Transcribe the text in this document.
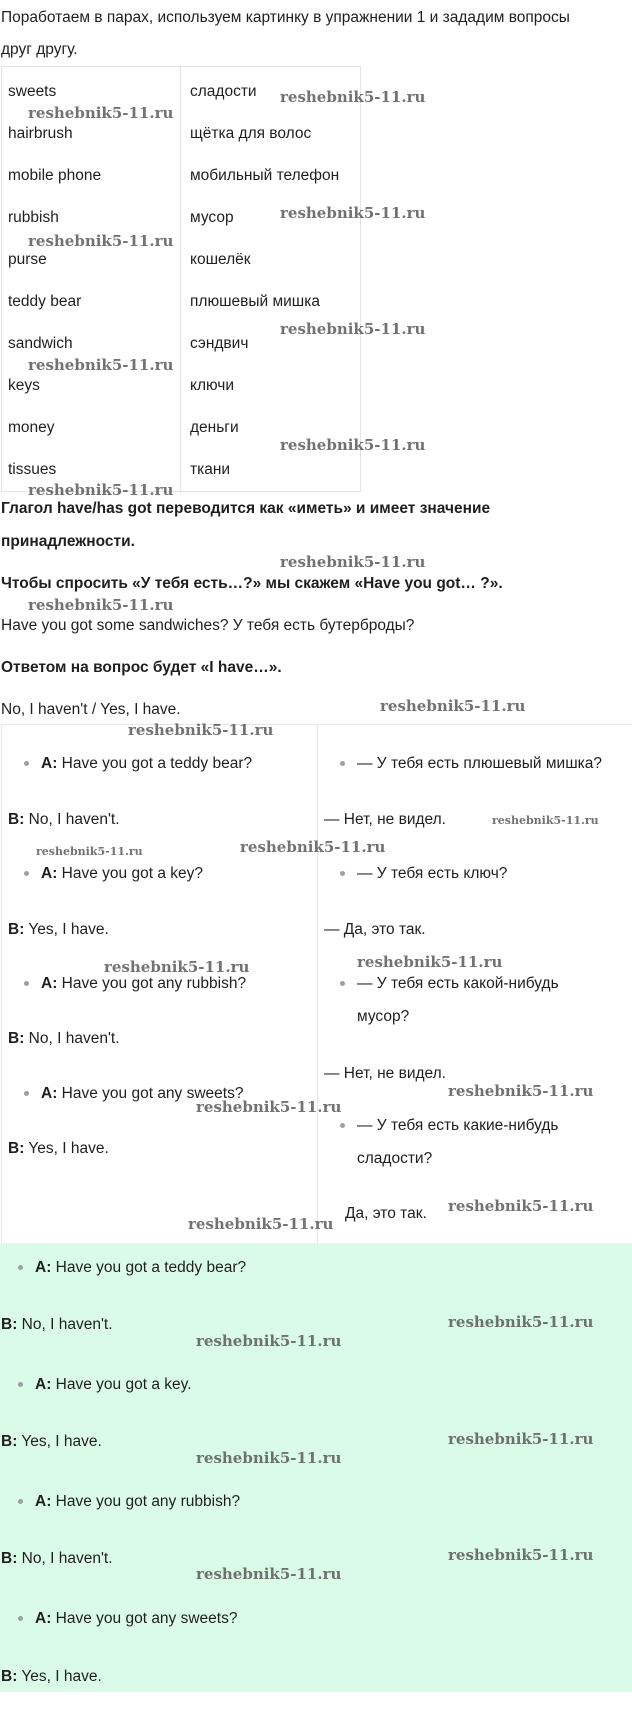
Поработаем в парах, используем картинку в упражнении 1 и зададим вопросы
друг другу.
sweets	сладости
hairbrush	щётка для волос
mobile phone	мобильный телефон
rubbish	мусор
purse	кошелёк
teddy bear	плюшевый мишка
sandwich	сэндвич
keys	ключи
money	деньги
tissues	ткани
Глагол have/has got переводится как «иметь» и имеет значение
принадлежности.
Чтобы спросить «У тебя есть…?» мы скажем «Have you got… ?».
Have you got some sandwiches? У тебя есть бутерброды?
Ответом на вопрос будет «I have…».
No, I haven't / Yes, I have.
A: Have you got a teddy bear?
B: No, I haven't.
A: Have you got a key?
B: Yes, I have.
A: Have you got any rubbish?
B: No, I haven't.
A: Have you got any sweets?
B: Yes, I have.
— У тебя есть плюшевый мишка?
— Нет, не видел.
— У тебя есть ключ?
— Да, это так.
— У тебя есть какой-нибудь
мусор?
— Нет, не видел.
— У тебя есть какие-нибудь
сладости?
Да, это так.
A: Have you got a teddy bear?
B: No, I haven't.
A: Have you got a key.
B: Yes, I have.
A: Have you got any rubbish?
B: No, I haven't.
A: Have you got any sweets?
B: Yes, I have.
reshebnik5-11.ru
reshebnik5-11.ru
reshebnik5-11.ru
reshebnik5-11.ru
reshebnik5-11.ru
reshebnik5-11.ru
reshebnik5-11.ru
reshebnik5-11.ru
reshebnik5-11.ru
reshebnik5-11.ru
reshebnik5-11.ru
reshebnik5-11.ru
reshebnik5-11.ru
reshebnik5-11.ru	reshebnik5-11.ru
reshebnik5-11.ru	reshebnik5-11.ru
reshebnik5-11.ru
reshebnik5-11.ru
reshebnik5-11.ru
reshebnik5-11.ru
reshebnik5-11.ru
reshebnik5-11.ru
reshebnik5-11.ru
reshebnik5-11.ru
reshebnik5-11.ru
reshebnik5-11.ru
